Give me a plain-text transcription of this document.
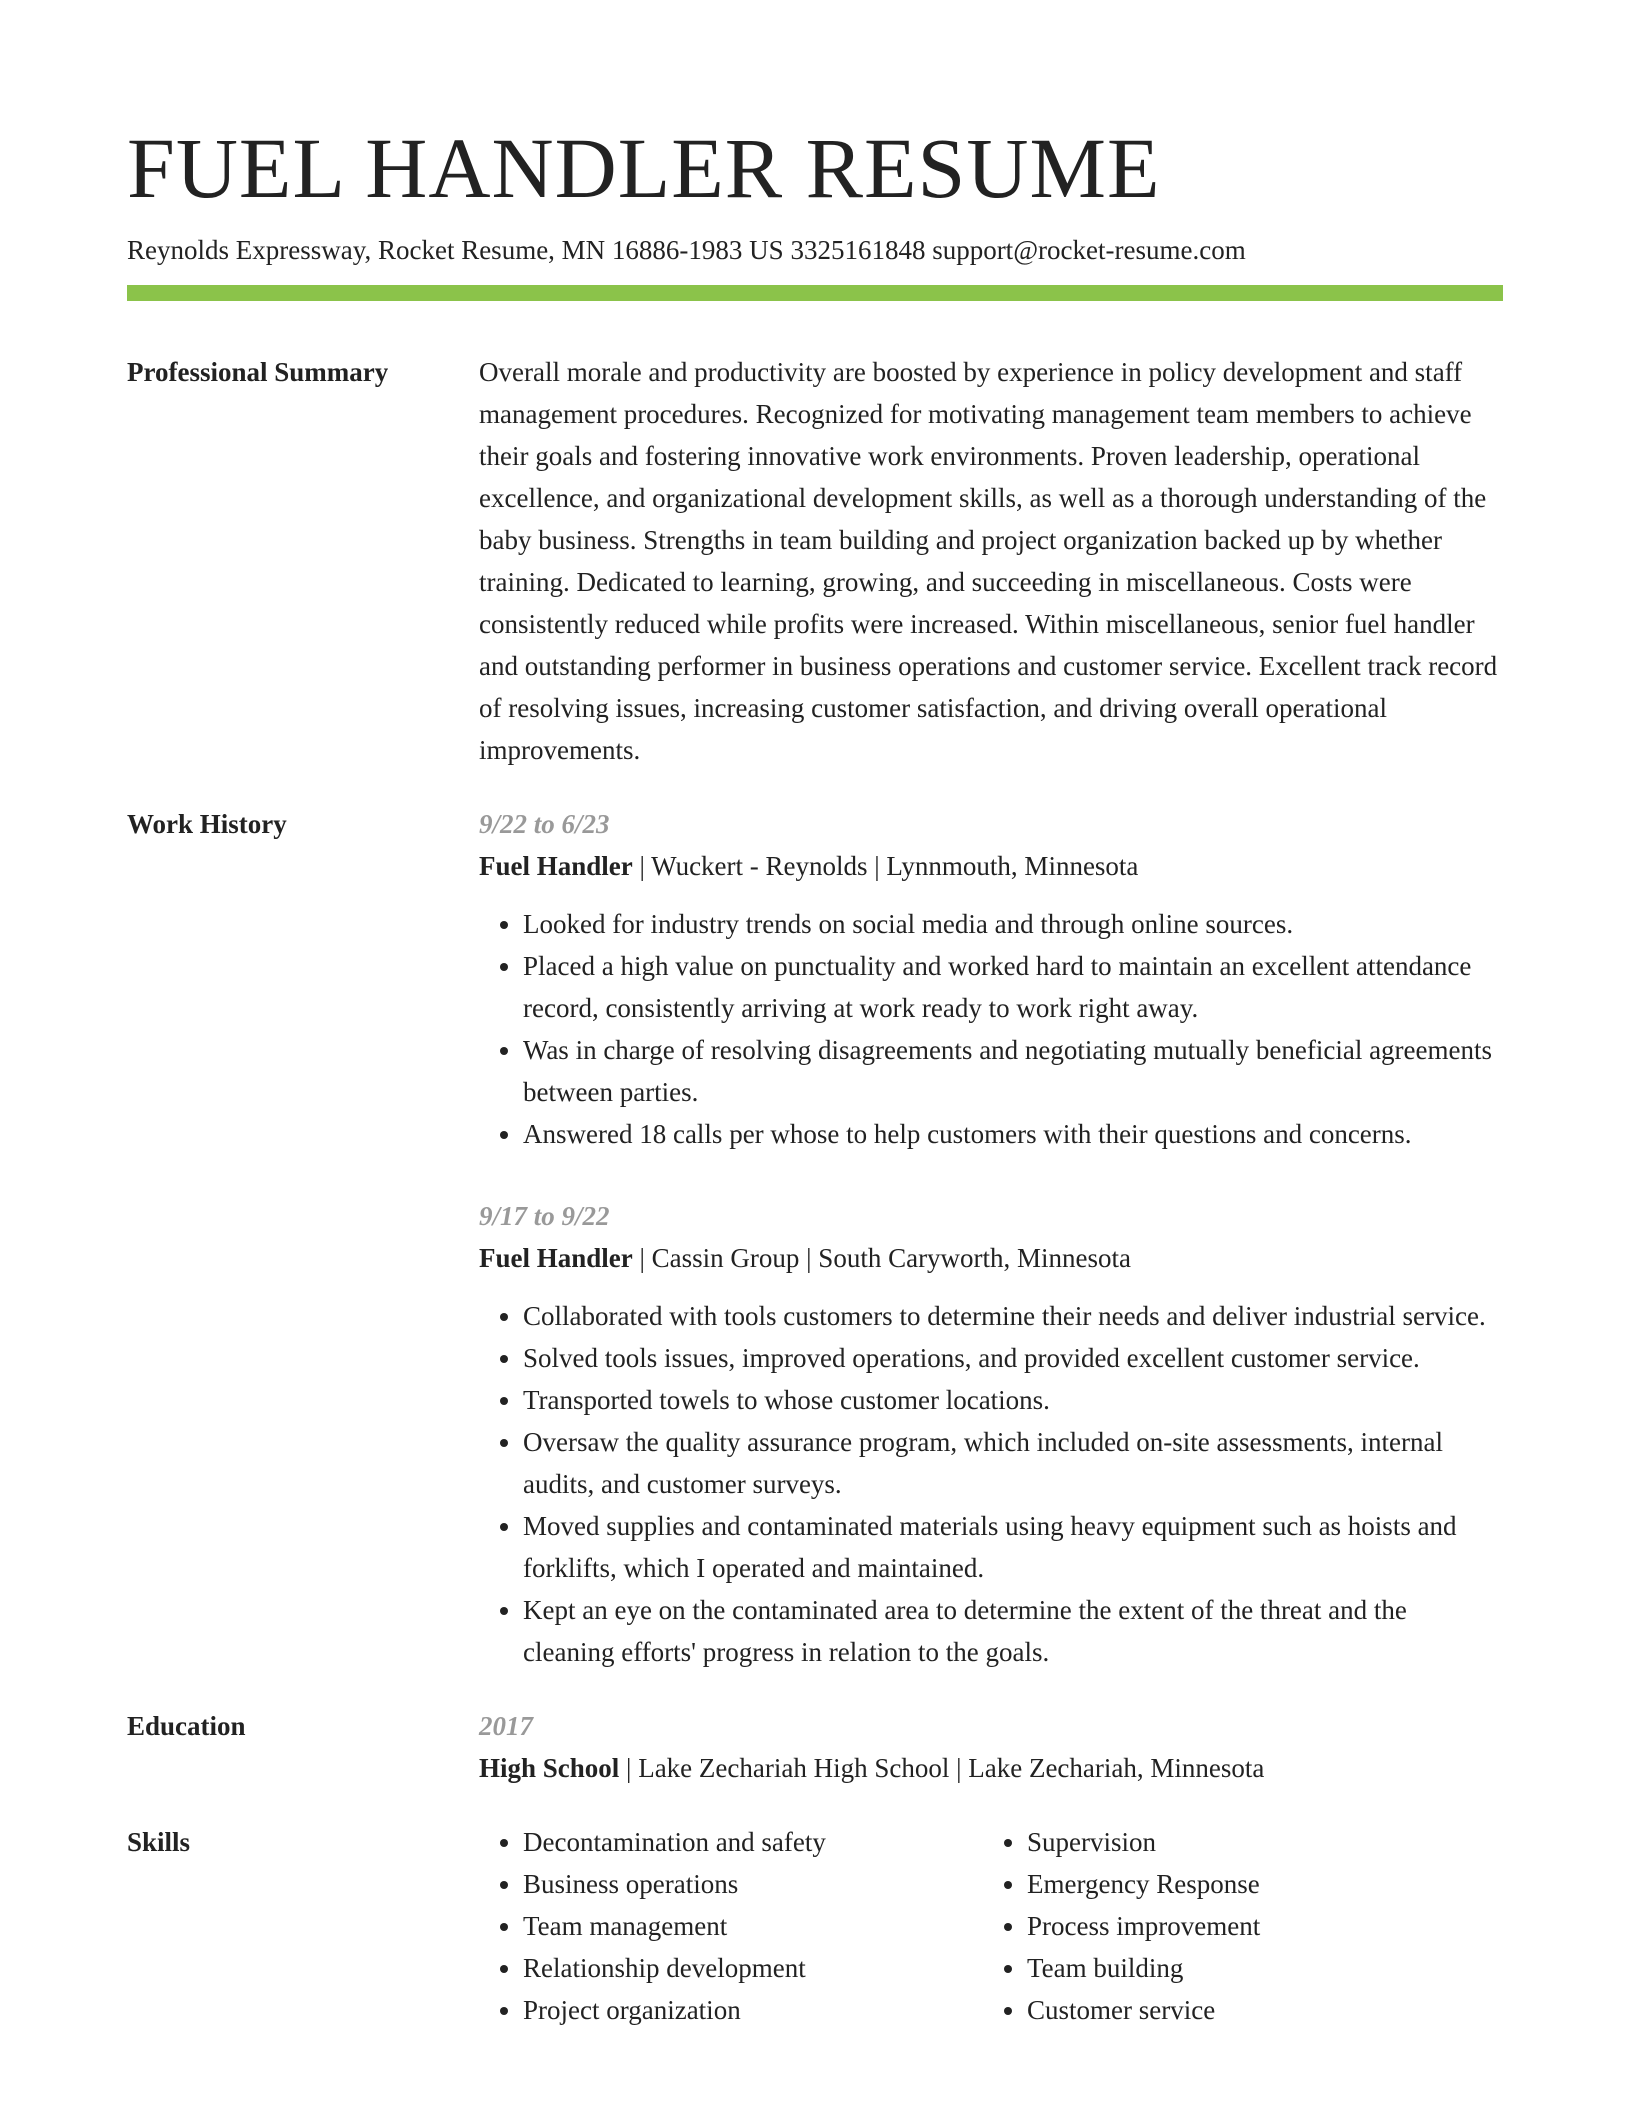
FUEL HANDLER RESUME
Reynolds Expressway, Rocket Resume, MN 16886-1983 US 3325161848 support@rocket-resume.com
Professional Summary	Overall morale and productivity are boosted by experience in policy development and staff management procedures. Recognized for motivating management team members to achieve their goals and fostering innovative work environments. Proven leadership, operational excellence, and organizational development skills, as well as a thorough understanding of the baby business. Strengths in team building and project organization backed up by whether training. Dedicated to learning, growing, and succeeding in miscellaneous. Costs were consistently reduced while profits were increased. Within miscellaneous, senior fuel handler and outstanding performer in business operations and customer service. Excellent track record of resolving issues, increasing customer satisfaction, and driving overall operational improvements.

Work History	9/22 to 6/23
Fuel Handler | Wuckert - Reynolds | Lynnmouth, Minnesota
• Looked for industry trends on social media and through online sources.
• Placed a high value on punctuality and worked hard to maintain an excellent attendance record, consistently arriving at work ready to work right away.
• Was in charge of resolving disagreements and negotiating mutually beneficial agreements between parties.
• Answered 18 calls per whose to help customers with their questions and concerns.
9/17 to 9/22
Fuel Handler | Cassin Group | South Caryworth, Minnesota
• Collaborated with tools customers to determine their needs and deliver industrial service.
• Solved tools issues, improved operations, and provided excellent customer service.
• Transported towels to whose customer locations.
• Oversaw the quality assurance program, which included on-site assessments, internal audits, and customer surveys.
• Moved supplies and contaminated materials using heavy equipment such as hoists and forklifts, which I operated and maintained.
• Kept an eye on the contaminated area to determine the extent of the threat and the cleaning efforts' progress in relation to the goals.
Education	2017
High School | Lake Zechariah High School | Lake Zechariah, Minnesota
Skills
•	Decontamination and safety
• Business operations
• Team management
• Relationship development
• Project organization
• Supervision
• Emergency Response
• Process improvement
• Team building
• Customer service
